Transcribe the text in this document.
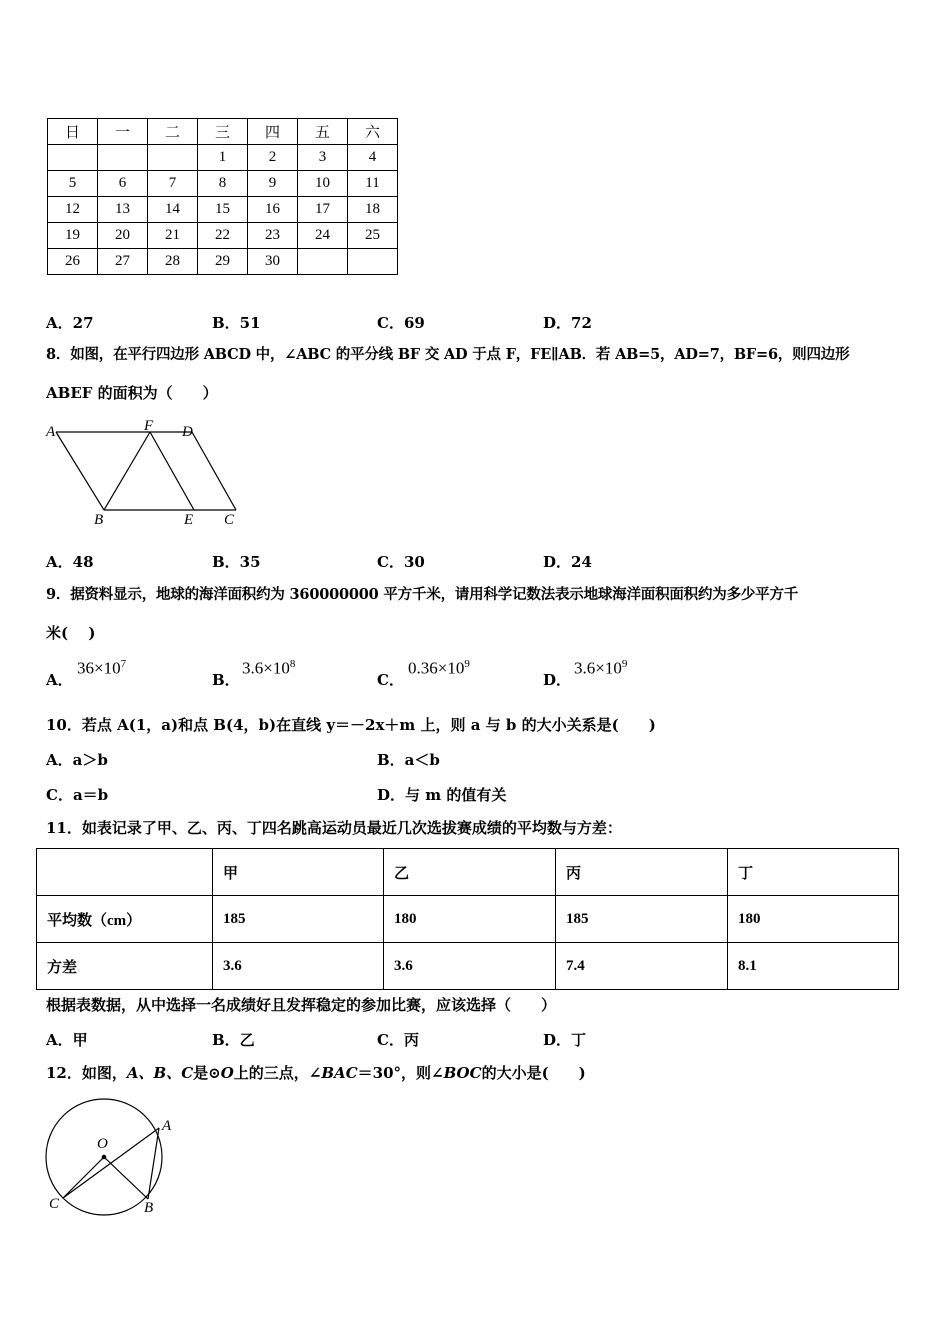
日	一	二	三	四	五	六
			1	2	3	4
5	6	7	8	9	10	11
12	13	14	15	16	17	18
19	20	21	22	23	24	25
26	27	28	29	30		
A．27	B．51	C．69	D．72
8．如图，在平行四边形 ABCD 中，∠ABC 的平分线 BF 交 AD 于点 F，FE∥AB．若 AB=5，AD=7，BF=6，则四边形
ABEF 的面积为（　　）
A	F D
B	E C
A．48	B．35	C．30	D．24
9．据资料显示，地球的海洋面积约为 360000000 平方千米，请用科学记数法表示地球海洋面积面积约为多少平方千
米(　 )
A．
$36\times 10^7$
B．
$3.6\times 10^8$
C．
$0.36\times 10^9$
D．
$3.6\times 10^9$
10．若点 A(1，a)和点 B(4，b)在直线 y＝－2x＋m 上，则 a 与 b 的大小关系是(　　)
A．a＞b	B．a＜b
C．a＝b	D．与 m 的值有关
11．如表记录了甲、乙、丙、丁四名跳高运动员最近几次选拔赛成绩的平均数与方差：
	甲	乙	丙	丁
平均数（cm）	185	180	185	180
方差	3.6	3.6	7.4	8.1
根据表数据，从中选择一名成绩好且发挥稳定的参加比赛，应该选择（　　）
A．甲	B．乙	C．丙	D．丁
12．如图，A、B、C是⊙O上的三点，∠BAC＝30°，则∠BOC的大小是(　　)
O
A
C	B
